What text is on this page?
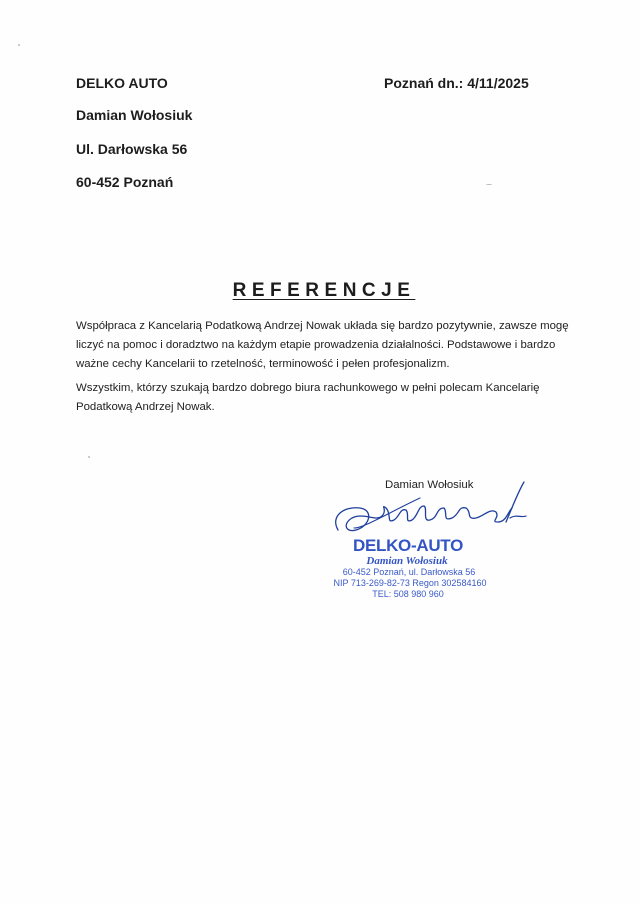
DELKO AUTO
Damian Wołosiuk
Ul. Darłowska 56
60-452 Poznań
Poznań dn.: 4/11/2025
REFERENCJE

Współpraca z Kancelarią Podatkową Andrzej Nowak układa się bardzo pozytywnie, zawsze mogę liczyć na pomoc i doradztwo na każdym etapie prowadzenia działalności. Podstawowe i bardzo ważne cechy Kancelarii to rzetelność, terminowość i pełen profesjonalizm.

Wszystkim, którzy szukają bardzo dobrego biura rachunkowego w pełni polecam Kancelarię Podatkową Andrzej Nowak.

Damian Wołosiuk
DELKO-AUTO
Damian Wołosiuk
60-452 Poznań, ul. Darłowska 56
NIP 713-269-82-73 Regon 302584160
TEL: 508 980 960
